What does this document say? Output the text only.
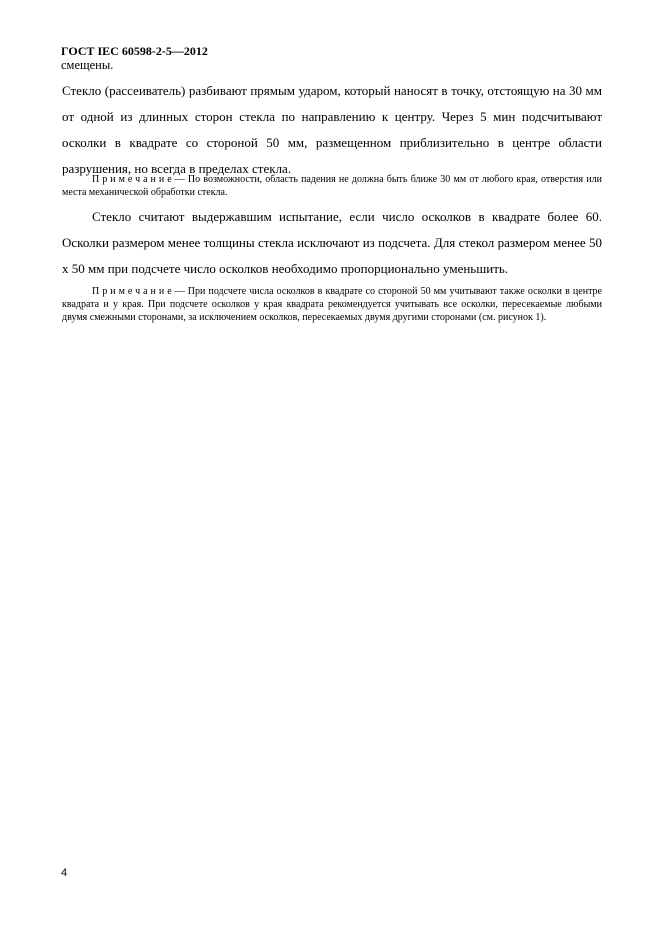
ГОСТ IEC 60598-2-5—2012
смещены.

Стекло (рассеиватель) разбивают прямым ударом, который наносят в точку, отстоящую на 30 мм от одной из длинных сторон стекла по направлению к центру. Через 5 мин подсчитывают осколки в квадрате со стороной 50 мм, размещенном приблизительно в центре области разрушения, но всегда в пределах стекла.

Примечание— По возможности, область падения не должна быть ближе 30 мм от любого края, отверстия или места механической обработки стекла.

Стекло считают выдержавшим испытание, если число осколков в квадрате более 60. Осколки размером менее толщины стекла исключают из подсчета. Для стекол размером менее 50 х 50 мм при подсчете число осколков необходимо пропорционально уменьшить.

Примечание— При подсчете числа осколков в квадрате со стороной 50 мм учитывают также осколки в центре квадрата и у края. При подсчете осколков у края квадрата рекомендуется учитывать все осколки, пересекаемые любыми двумя смежными сторонами, за исключением осколков, пересекаемых двумя другими сторонами (см. рисунок 1).

4
